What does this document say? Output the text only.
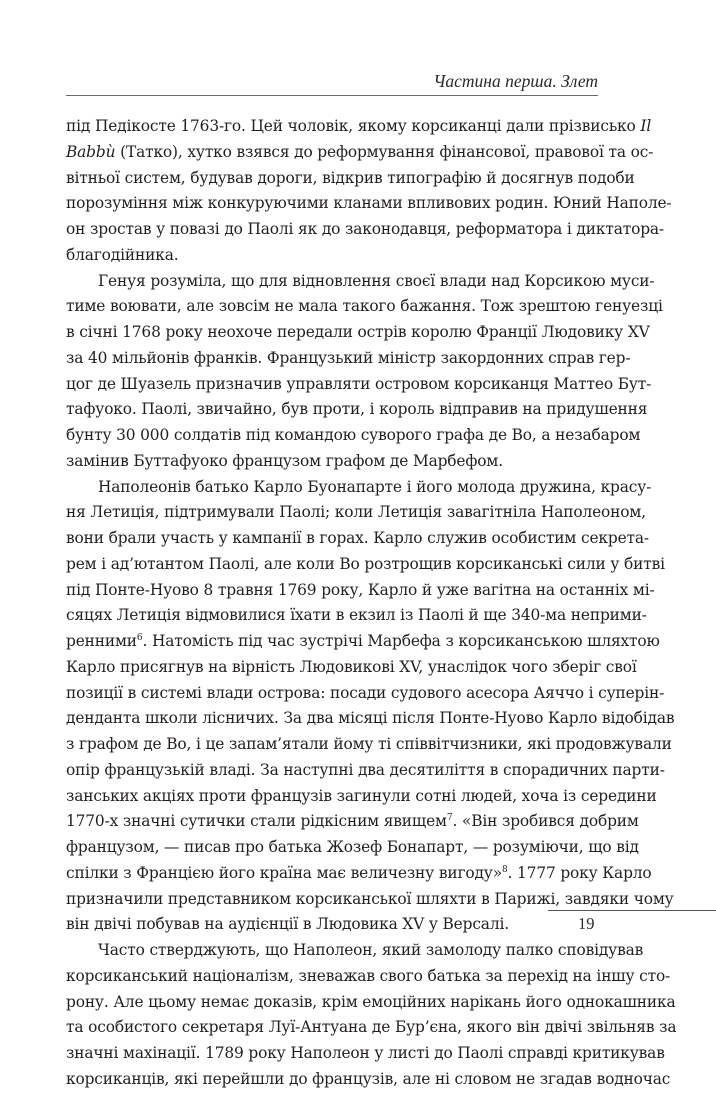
Частина перша. Злет
під Педікосте 1763-го. Цей чоловік, якому корсиканці дали прізвисько Il
Babbù (Татко), хутко взявся до реформування фінансової, правової та ос-
вітньої систем, будував дороги, відкрив типографію й досягнув подоби
порозуміння між конкуруючими кланами впливових родин. Юний Наполе-
он зростав у повазі до Паолі як до законодавця, реформатора і диктатора-
благодійника.
Генуя розуміла, що для відновлення своєї влади над Корсикою муси-
тиме воювати, але зовсім не мала такого бажання. Тож зрештою генуезці
в січні 1768 року неохоче передали острів королю Франції Людовику XV
за 40 мільйонів франків. Французький міністр закордонних справ гер-
цог де Шуазель призначив управляти островом корсиканця Маттео Бут-
тафуоко. Паолі, звичайно, був проти, і король відправив на придушення
бунту 30 000 солдатів під командою суворого графа де Во, а незабаром
замінив Буттафуоко французом графом де Марбефом.
Наполеонів батько Карло Буонапарте і його молода дружина, красу-
ня Летиція, підтримували Паолі; коли Летиція завагітніла Наполеоном,
вони брали участь у кампанії в горах. Карло служив особистим секрета-
рем і ад’ютантом Паолі, але коли Во розтрощив корсиканські сили у битві
під Понте-Нуово 8 травня 1769 року, Карло й уже вагітна на останніх мі-
сяцях Летиція відмовилися їхати в екзил із Паолі й ще 340-ма неприми-
ренними$^6$. Натомість під час зустрічі Марбефа з корсиканською шляхтою
Карло присягнув на вірність Людовикові XV, унаслідок чого зберіг свої
позиції в системі влади острова: посади судового асесора Аяччо і суперін-
денданта школи лісничих. За два місяці після Понте-Нуово Карло відобідав
з графом де Во, і це запам’ятали йому ті співвітчизники, які продовжували
опір французькій владі. За наступні два десятиліття в спорадичних парти-
занських акціях проти французів загинули сотні людей, хоча із середини
1770-х значні сутички стали рідкісним явищем$^7$. «Він зробився добрим
французом, — писав про батька Жозеф Бонапарт, — розуміючи, що від
спілки з Францією його країна має величезну вигоду»$^8$. 1777 року Карло
призначили представником корсиканської шляхти в Парижі, завдяки чому
він двічі побував на аудієнції в Людовика XV у Версалі.
Часто стверджують, що Наполеон, який замолоду палко сповідував
корсиканський націоналізм, зневажав свого батька за перехід на іншу сто-
рону. Але цьому немає доказів, крім емоційних нарікань його однокашника
та особистого секретаря Луї-Антуана де Бур’єна, якого він двічі звільняв за
значні махінації. 1789 року Наполеон у листі до Паолі справді критикував
корсиканців, які перейшли до французів, але ні словом не згадав водночас
19
